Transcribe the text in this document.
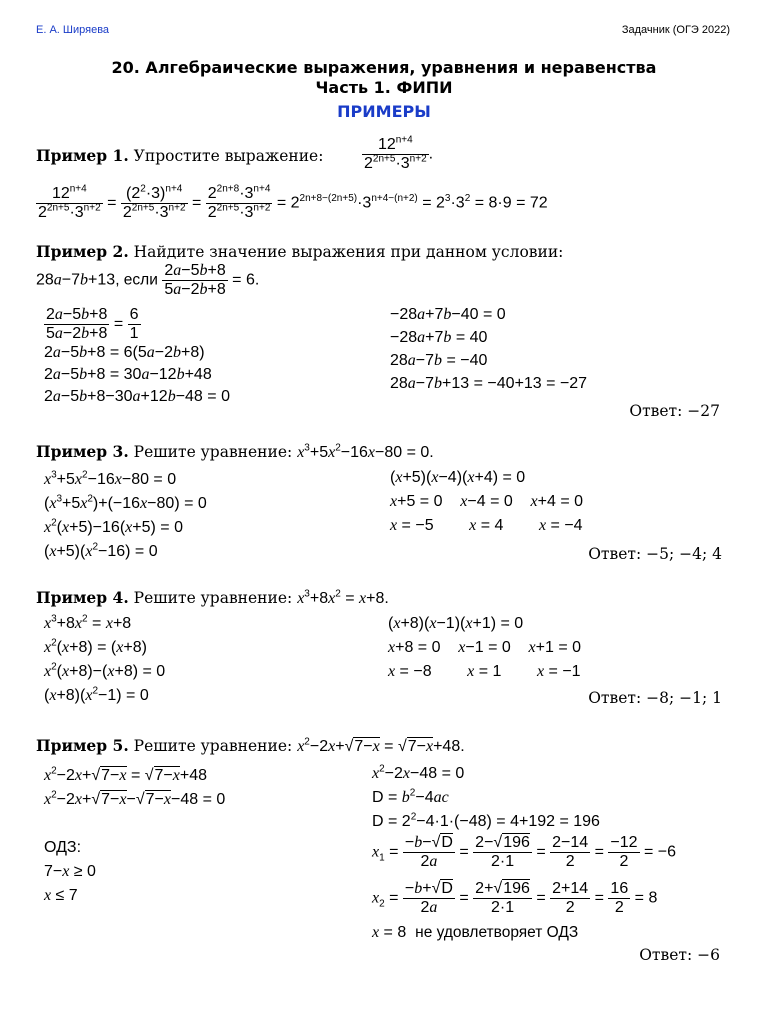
Е. А. Ширяева	Задачник (ОГЭ 2022)
20. Алгебраические выражения, уравнения и неравенства
Часть 1. ФИПИ
ПРИМЕРЫ
Пример 1. Упростите выражение: $\frac{12^{n+4}}{2^{2n+5}\cdot 3^{n+2}}$ .
$\frac{12^{n+4}}{2^{2n+5}\cdot 3^{n+2}} = \frac{(2^2\cdot 3)^{n+4}}{2^{2n+5}\cdot 3^{n+2}} = \frac{2^{2n+8}\cdot 3^{n+4}}{2^{2n+5}\cdot 3^{n+2}} = 2^{2n+8-(2n+5)}\cdot 3^{n+4-(n+2)} = 2^3\cdot 3^2 = 8\cdot 9 = 72$
Пример 2. Найдите значение выражения при данном условии:
28a−7b+13, если $\frac{2a-5b+8}{5a-2b+8} = 6$.
$\frac{2a-5b+8}{5a-2b+8} = \frac{6}{1}$
2a−5b+8 = 6(5a−2b+8)
2a−5b+8 = 30a−12b+48
2a−5b+8−30a+12b−48 = 0
−28a+7b−40 = 0
−28a+7b = 40
28a−7b = −40
28a−7b+13 = −40+13 = −27
Ответ: −27
Пример 3. Решите уравнение: $x^3+5x^2-16x-80 = 0$.
$x^3+5x^2-16x-80 = 0$
$(x^3+5x^2)+(-16x-80) = 0$
$x^2(x+5)-16(x+5) = 0$
$(x+5)(x^2-16) = 0$
(x+5)(x−4)(x+4) = 0
x+5 = 0    x−4 = 0    x+4 = 0
x = −5        x = 4        x = −4
Ответ: −5; −4; 4
Пример 4. Решите уравнение: $x^3+8x^2 = x+8$.
$x^3+8x^2 = x+8$
$x^2(x+8) = (x+8)$
$x^2(x+8)-(x+8) = 0$
$(x+8)(x^2-1) = 0$
(x+8)(x−1)(x+1) = 0
x+8 = 0    x−1 = 0    x+1 = 0
x = −8        x = 1        x = −1
Ответ: −8; −1; 1
Пример 5. Решите уравнение: $x^2-2x+√7-x = √7-x+48$.
$x^2-2x+√7-x = √7-x+48$
$x^2-2x+√7-x-√7-x-48 = 0$
ОДЗ:
7−x ≥ 0
x ≤ 7
$x^2-2x-48 = 0$
$D = b^2-4ac$
$D = 2^2-4\cdot 1\cdot(-48) = 4+192 = 196$
$x_1 = \frac{-b-√D}{2a} = \frac{2-√196}{2\cdot 1} = \frac{2-14}{2} = \frac{-12}{2} = -6$
$x_2 = \frac{-b+√D}{2a} = \frac{2+√196}{2\cdot 1} = \frac{2+14}{2} = \frac{16}{2} = 8$
x = 8  не удовлетворяет ОДЗ
Ответ: −6
